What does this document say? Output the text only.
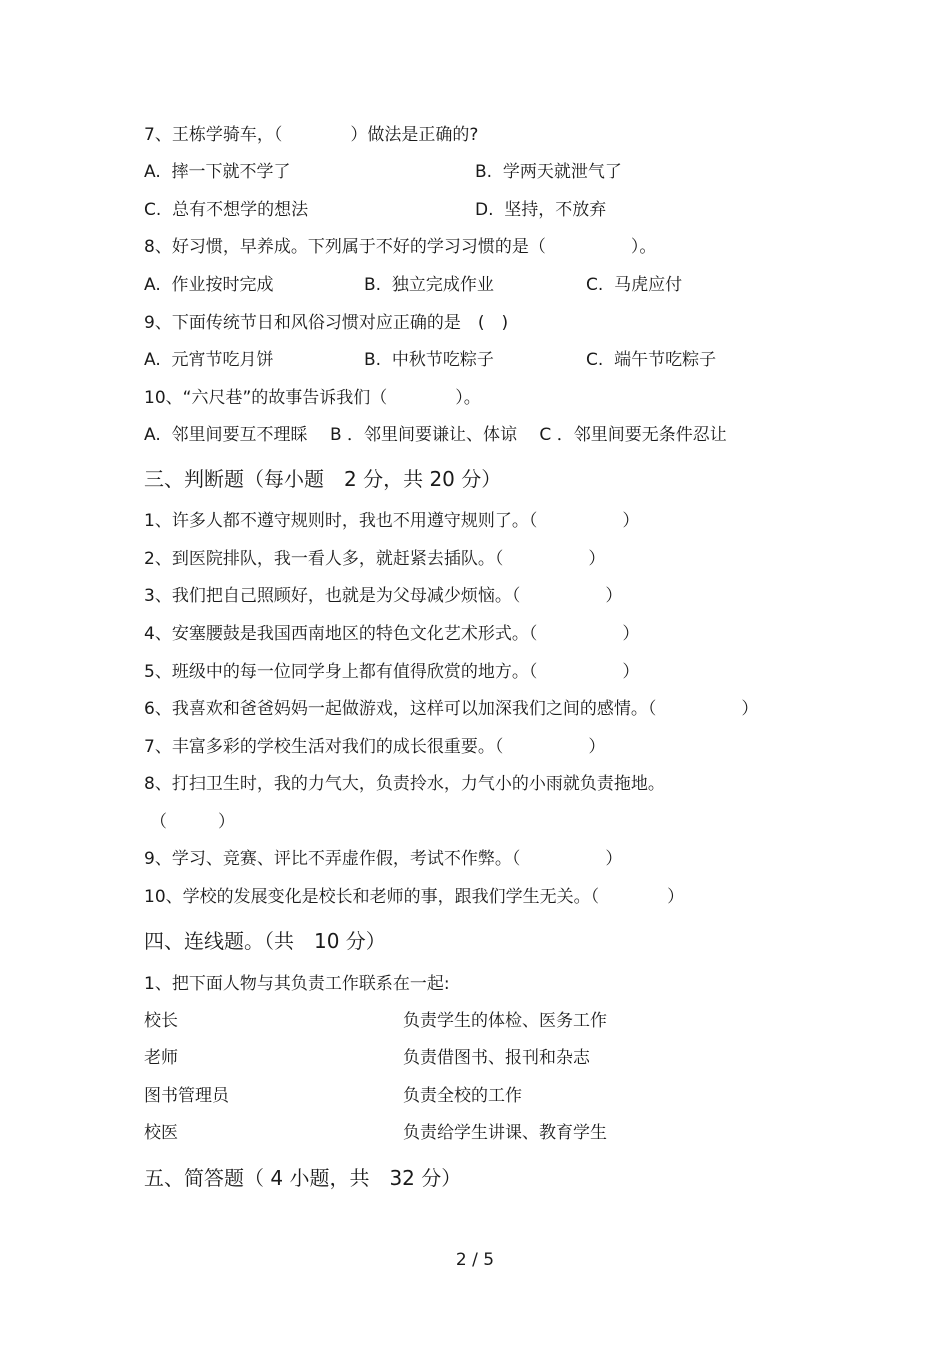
7、王栋学骑车，（　　　　）做法是正确的?
A.  摔一下就不学了	B.  学两天就泄气了
C.  总有不想学的想法	D.  坚持，不放弃
8、好习惯，早养成。下列属于不好的学习习惯的是（　　　　　）。
A.  作业按时完成	B.  独立完成作业	C.  马虎应付
9、下面传统节日和风俗习惯对应正确的是　(　)
A.  元宵节吃月饼	B.  中秋节吃粽子	C.  端午节吃粽子
10、“六尺巷”的故事告诉我们（　　　　）。
A.  邻里间要互不理睬　 B ．邻里间要谦让、体谅　 C ．邻里间要无条件忍让
三、判断题（每小题　2 分，共 20 分）
1、许多人都不遵守规则时，我也不用遵守规则了。（　　　　　）
2、到医院排队，我一看人多，就赶紧去插队。（　　　　　）
3、我们把自己照顾好，也就是为父母减少烦恼。（　　　　　）
4、安塞腰鼓是我国西南地区的特色文化艺术形式。（　　　　　）
5、班级中的每一位同学身上都有值得欣赏的地方。（　　　　　）
6、我喜欢和爸爸妈妈一起做游戏，这样可以加深我们之间的感情。（　　　　　）
7、丰富多彩的学校生活对我们的成长很重要。（　　　　　）
8、打扫卫生时，我的力气大，负责拎水，力气小的小雨就负责拖地。
（　　　）
9、学习、竞赛、评比不弄虚作假，考试不作弊。（　　　　　）
10、学校的发展变化是校长和老师的事，跟我们学生无关。（　　　　）
四、连线题。（共　10 分）
1、把下面人物与其负责工作联系在一起:
校长	负责学生的体检、医务工作
老师	负责借图书、报刊和杂志
图书管理员	负责全校的工作
校医	负责给学生讲课、教育学生
五、简答题（ 4 小题，共　32 分）
2 / 5
